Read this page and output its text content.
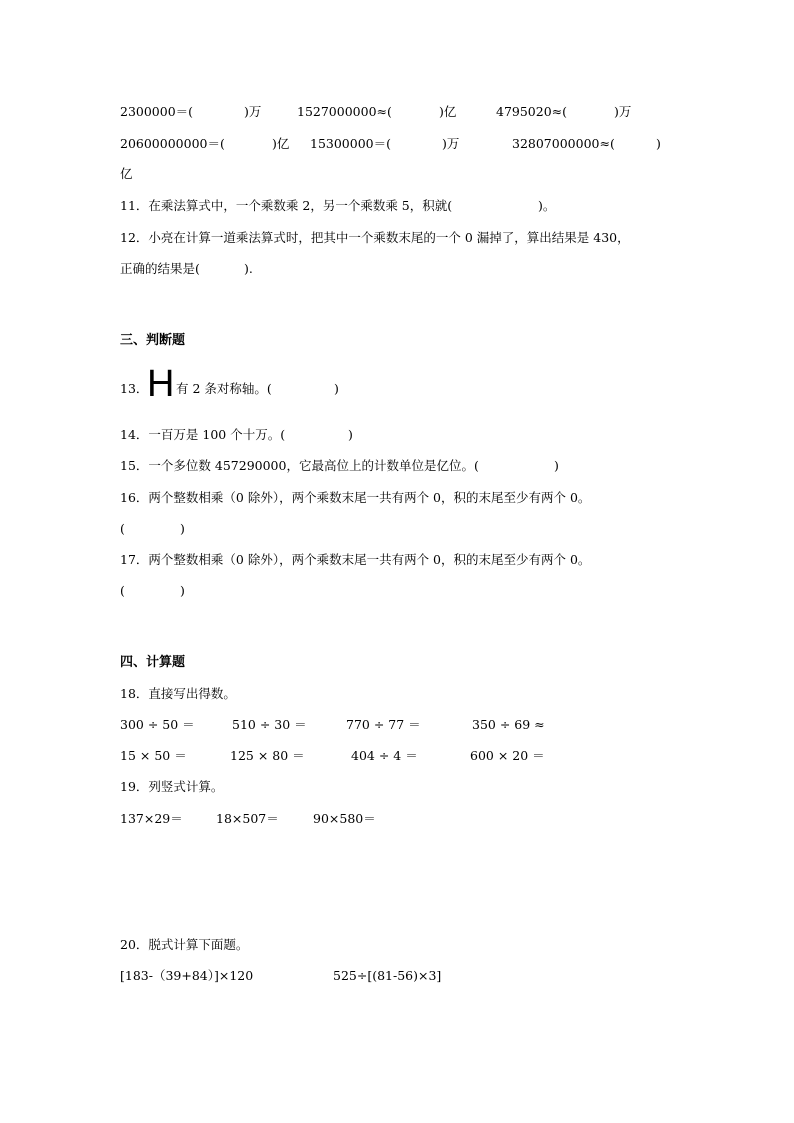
2300000＝(	)万	1527000000≈(	)亿	4795020≈(	)万
20600000000＝(	)亿 15300000＝(	)万	32807000000≈(	)
亿
11．在乘法算式中，一个乘数乘 2，另一个乘数乘 5，积就(	)。
12．小亮在计算一道乘法算式时，把其中一个乘数末尾的一个 0 漏掉了，算出结果是 430，
正确的结果是(	).
三、判断题
13．
H 有 2 条对称轴。(	)
14．一百万是 100 个十万。(	)
15．一个多位数 457290000，它最高位上的计数单位是亿位。(	)
16．两个整数相乘（0 除外），两个乘数末尾一共有两个 0，积的末尾至少有两个 0。
(	)
17．两个整数相乘（0 除外），两个乘数末尾一共有两个 0，积的末尾至少有两个 0。
(	)
四、计算题
18．直接写出得数。
300 ÷ 50 ＝	510 ÷ 30 ＝	770 ÷ 77 ＝	350 ÷ 69 ≈
15 × 50 ＝	125 × 80 ＝	404 ÷ 4 ＝	600 × 20 ＝
19．列竖式计算。
137×29＝	18×507＝	90×580＝
20．脱式计算下面题。
[183-（39+84）]×120	525÷[(81-56)×3]
